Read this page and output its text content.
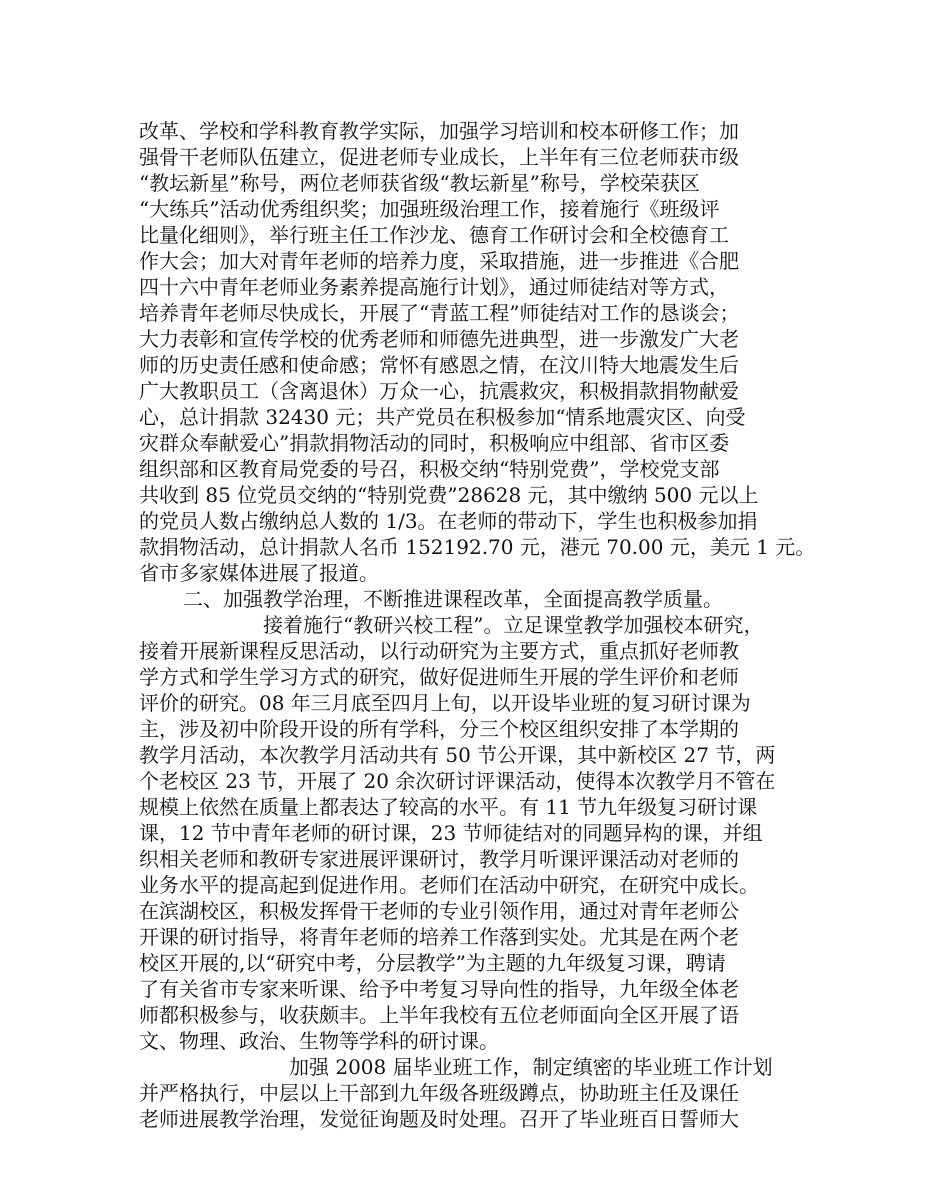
改革、学校和学科教育教学实际，加强学习培训和校本研修工作；加
强骨干老师队伍建立，促进老师专业成长，上半年有三位老师获市级
“教坛新星”称号，两位老师获省级“教坛新星”称号，学校荣获区
“大练兵”活动优秀组织奖；加强班级治理工作，接着施行《班级评
比量化细则》，举行班主任工作沙龙、德育工作研讨会和全校德育工
作大会；加大对青年老师的培养力度，采取措施，进一步推进《合肥
四十六中青年老师业务素养提高施行计划》，通过师徒结对等方式，
培养青年老师尽快成长，开展了“青蓝工程”师徒结对工作的恳谈会；
大力表彰和宣传学校的优秀老师和师德先进典型，进一步激发广大老
师的历史责任感和使命感；常怀有感恩之情，在汶川特大地震发生后
广大教职员工（含离退休）万众一心，抗震救灾，积极捐款捐物献爱
心，总计捐款 32430 元；共产党员在积极参加“情系地震灾区、向受
灾群众奉献爱心”捐款捐物活动的同时，积极响应中组部、省市区委
组织部和区教育局党委的号召，积极交纳“特别党费”，学校党支部
共收到 85 位党员交纳的“特别党费”28628 元，其中缴纳 500 元以上
的党员人数占缴纳总人数的 1/3。在老师的带动下，学生也积极参加捐
款捐物活动，总计捐款人名币 152192.70 元，港元 70.00 元，美元 1 元。
省市多家媒体进展了报道。
二、加强教学治理，不断推进课程改革，全面提高教学质量。
接着施行“教研兴校工程”。立足课堂教学加强校本研究，
接着开展新课程反思活动，以行动研究为主要方式，重点抓好老师教
学方式和学生学习方式的研究，做好促进师生开展的学生评价和老师
评价的研究。08 年三月底至四月上旬，以开设毕业班的复习研讨课为
主，涉及初中阶段开设的所有学科，分三个校区组织安排了本学期的
教学月活动，本次教学月活动共有 50 节公开课，其中新校区 27 节，两
个老校区 23 节，开展了 20 余次研讨评课活动，使得本次教学月不管在
规模上依然在质量上都表达了较高的水平。有 11 节九年级复习研讨课
课，12 节中青年老师的研讨课，23 节师徒结对的同题异构的课，并组
织相关老师和教研专家进展评课研讨，教学月听课评课活动对老师的
业务水平的提高起到促进作用。老师们在活动中研究，在研究中成长。
在滨湖校区，积极发挥骨干老师的专业引领作用，通过对青年老师公
开课的研讨指导，将青年老师的培养工作落到实处。尤其是在两个老
校区开展的,以“研究中考，分层教学”为主题的九年级复习课，聘请
了有关省市专家来听课、给予中考复习导向性的指导，九年级全体老
师都积极参与，收获颇丰。上半年我校有五位老师面向全区开展了语
文、物理、政治、生物等学科的研讨课。
加强 2008 届毕业班工作，制定缜密的毕业班工作计划
并严格执行，中层以上干部到九年级各班级蹲点，协助班主任及课任
老师进展教学治理，发觉征询题及时处理。召开了毕业班百日誓师大
